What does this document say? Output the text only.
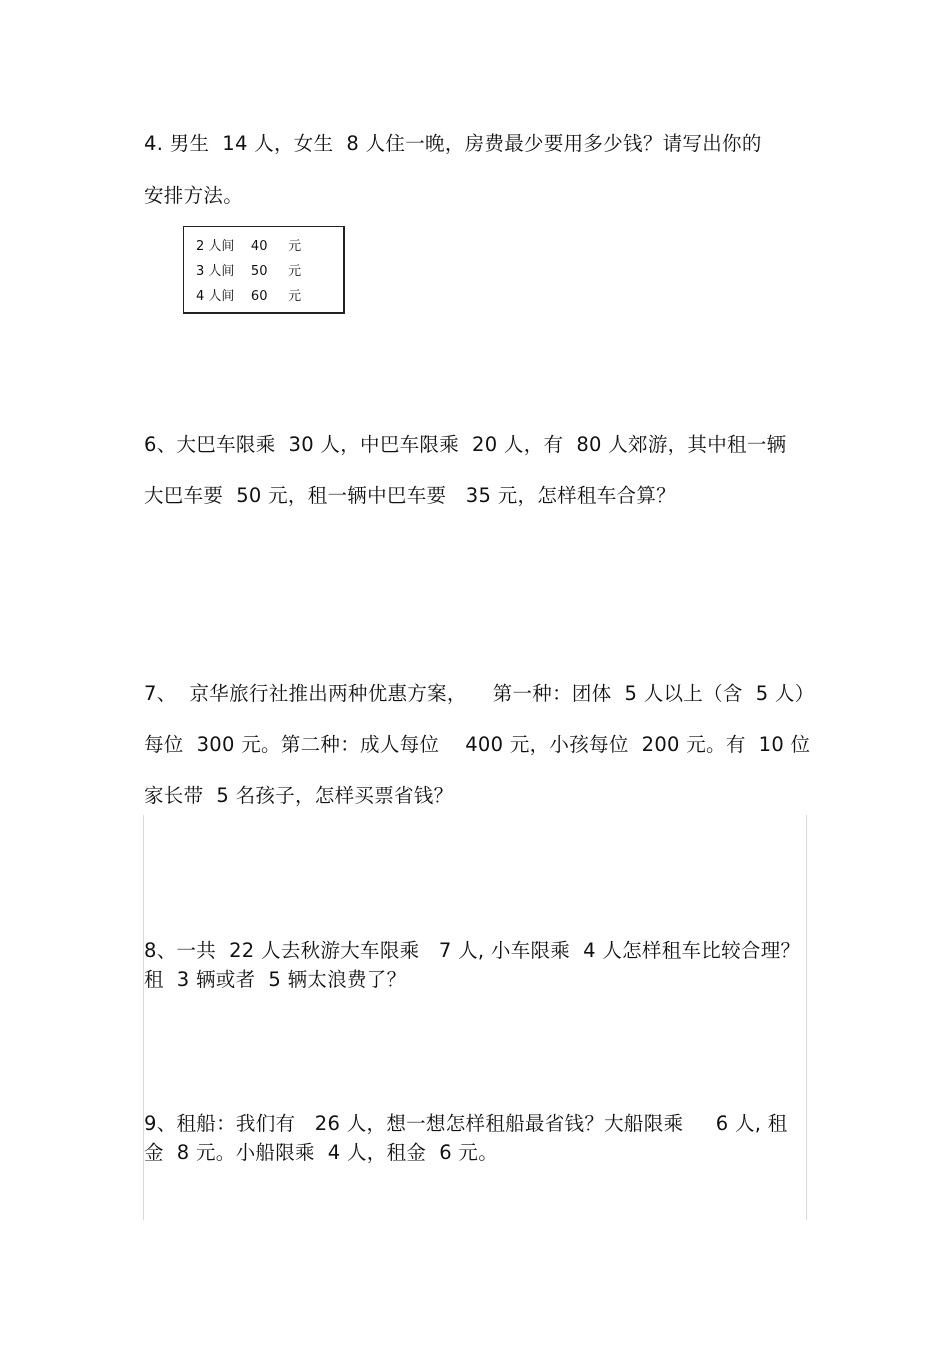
4. 男生  14 人，女生  8 人住一晚，房费最少要用多少钱？请写出你的
安排方法。
2 人间    40     元
3 人间    50     元
4 人间    60     元
6、大巴车限乘  30 人，中巴车限乘  20 人，有  80 人郊游，其中租一辆
大巴车要  50 元，租一辆中巴车要   35 元，怎样租车合算？
7、  京华旅行社推出两种优惠方案，    第一种：团体  5 人以上（含  5 人）
每位  300 元。第二种：成人每位    400 元，小孩每位  200 元。有  10 位
家长带  5 名孩子，怎样买票省钱？
8、一共  22 人去秋游大车限乘   7 人, 小车限乘  4 人怎样租车比较合理？
租  3 辆或者  5 辆太浪费了？
9、租船：我们有   26 人，想一想怎样租船最省钱？大船限乘     6 人, 租
金  8 元。小船限乘  4 人，租金  6 元。
